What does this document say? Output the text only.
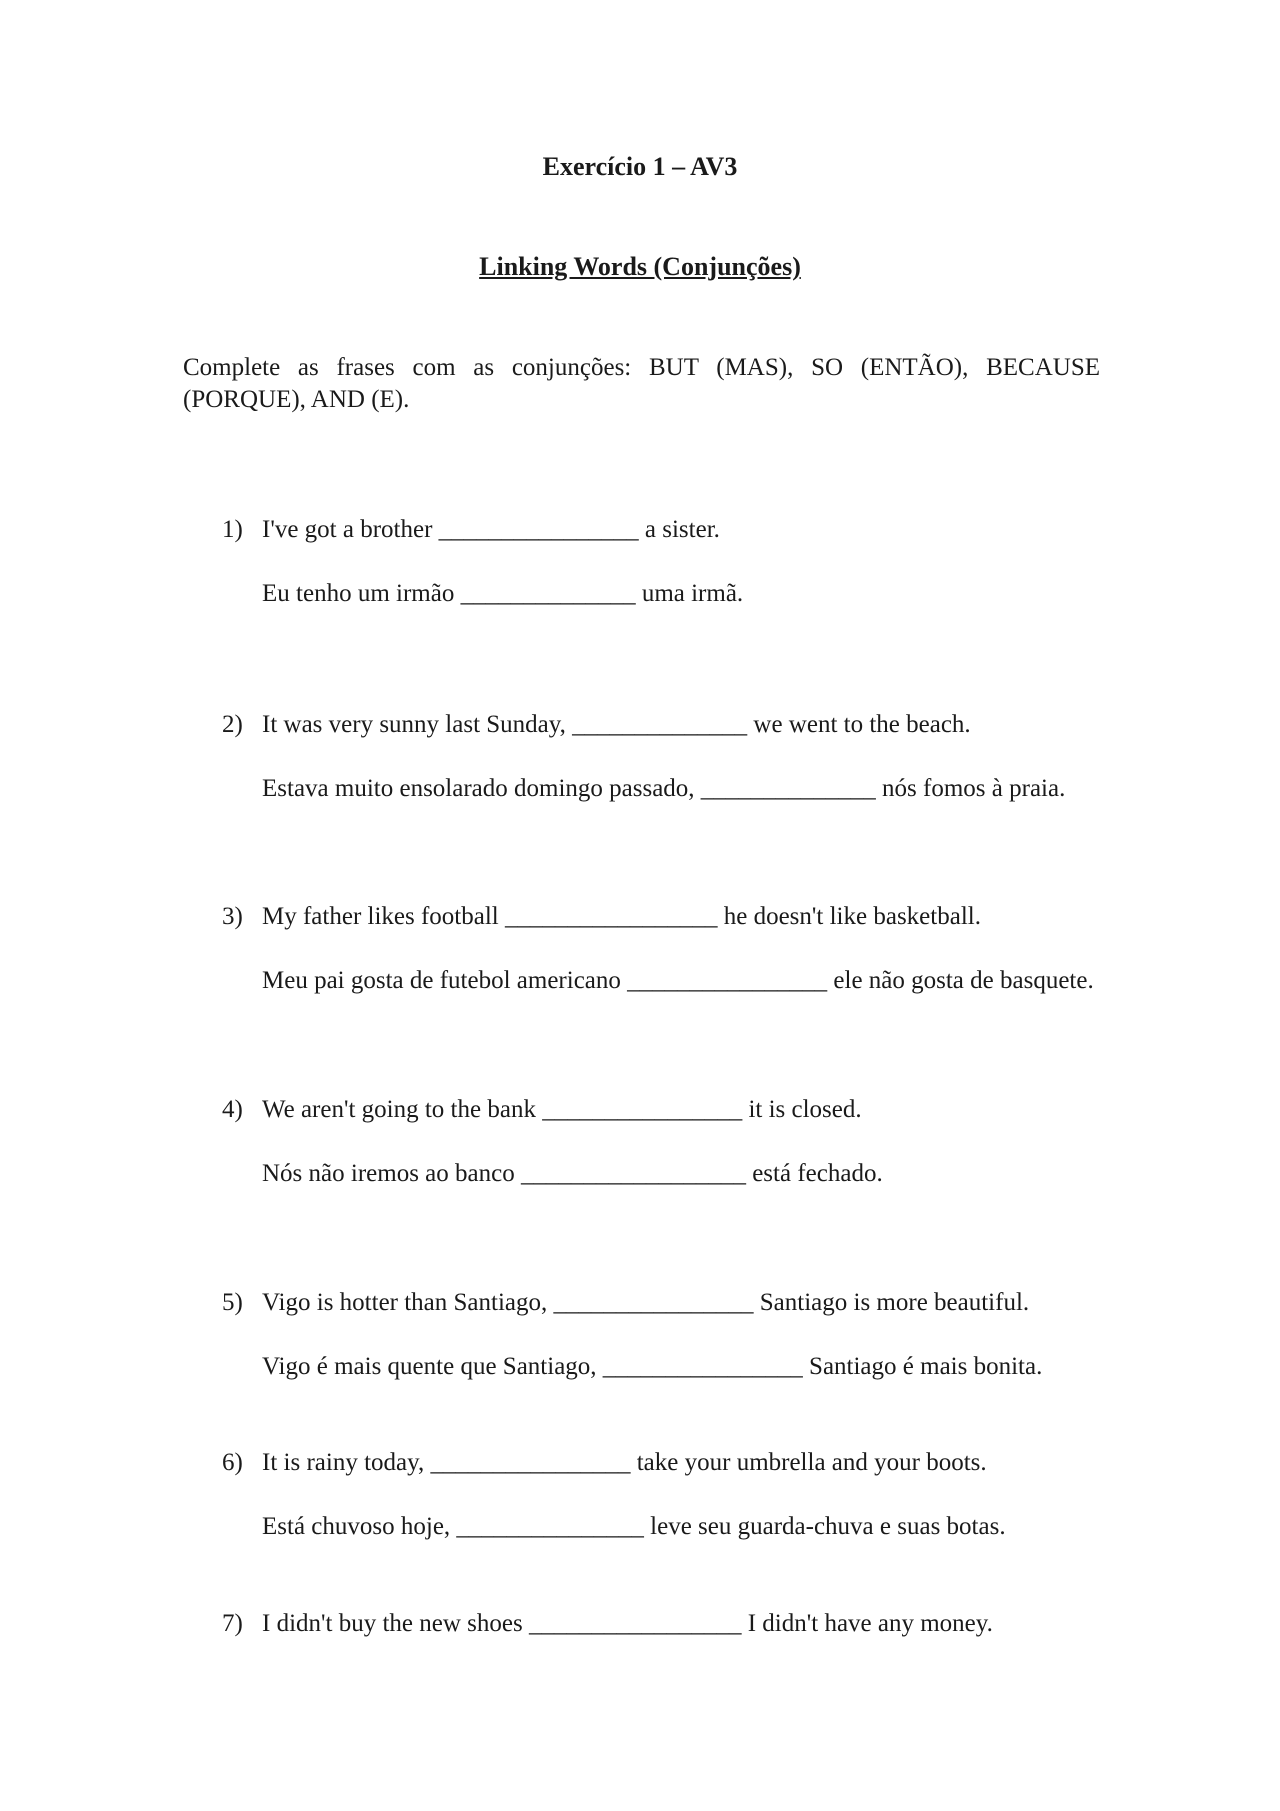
Exercício 1 – AV3
Linking Words (Conjunções)
Complete as frases com as conjunções: BUT (MAS), SO (ENTÃO), BECAUSE (PORQUE), AND (E).
1) I've got a brother ________________ a sister.
Eu tenho um irmão ______________ uma irmã.
2) It was very sunny last Sunday, ______________ we went to the beach.
Estava muito ensolarado domingo passado, ______________ nós fomos à praia.
3) My father likes football _________________ he doesn't like basketball.
Meu pai gosta de futebol americano ________________ ele não gosta de basquete.
4) We aren't going to the bank ________________ it is closed.
Nós não iremos ao banco __________________ está fechado.
5) Vigo is hotter than Santiago, ________________ Santiago is more beautiful.
Vigo é mais quente que Santiago, ________________ Santiago é mais bonita.
6) It is rainy today, ________________ take your umbrella and your boots.
Está chuvoso hoje, _______________ leve seu guarda-chuva e suas botas.
7) I didn't buy the new shoes _________________ I didn't have any money.
